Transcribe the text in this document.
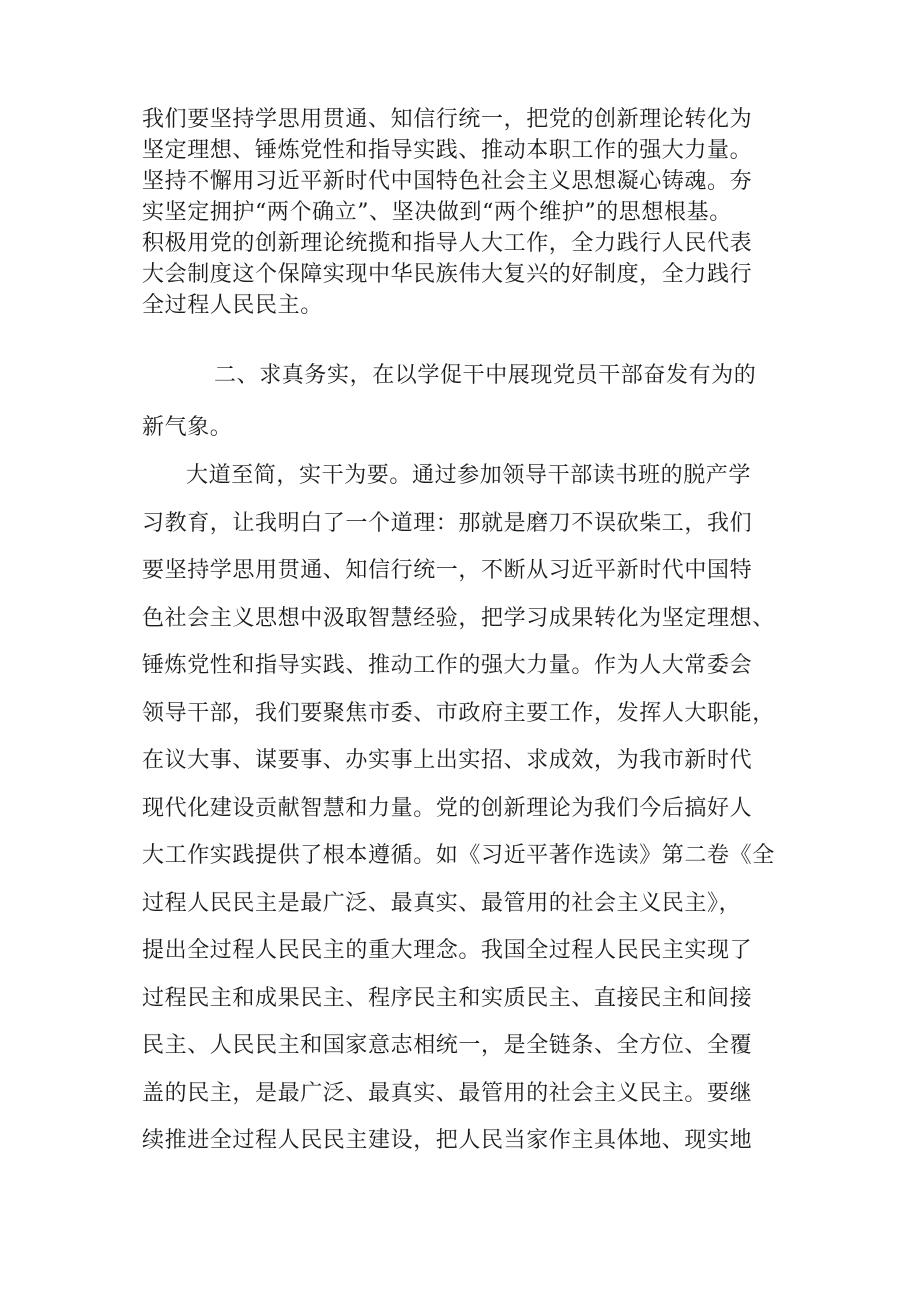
我们要坚持学思用贯通、知信行统一，把党的创新理论转化为
坚定理想、锤炼党性和指导实践、推动本职工作的强大力量。
坚持不懈用习近平新时代中国特色社会主义思想凝心铸魂。夯
实坚定拥护“两个确立”、坚决做到“两个维护”的思想根基。
积极用党的创新理论统揽和指导人大工作，全力践行人民代表
大会制度这个保障实现中华民族伟大复兴的好制度，全力践行
全过程人民民主。
二、求真务实，在以学促干中展现党员干部奋发有为的
新气象。
大道至简，实干为要。通过参加领导干部读书班的脱产学
习教育，让我明白了一个道理：那就是磨刀不误砍柴工，我们
要坚持学思用贯通、知信行统一，不断从习近平新时代中国特
色社会主义思想中汲取智慧经验，把学习成果转化为坚定理想、
锤炼党性和指导实践、推动工作的强大力量。作为人大常委会
领导干部，我们要聚焦市委、市政府主要工作，发挥人大职能，
在议大事、谋要事、办实事上出实招、求成效，为我市新时代
现代化建设贡献智慧和力量。党的创新理论为我们今后搞好人
大工作实践提供了根本遵循。如《习近平著作选读》第二卷《全
过程人民民主是最广泛、最真实、最管用的社会主义民主》，
提出全过程人民民主的重大理念。我国全过程人民民主实现了
过程民主和成果民主、程序民主和实质民主、直接民主和间接
民主、人民民主和国家意志相统一，是全链条、全方位、全覆
盖的民主，是最广泛、最真实、最管用的社会主义民主。要继
续推进全过程人民民主建设，把人民当家作主具体地、现实地
